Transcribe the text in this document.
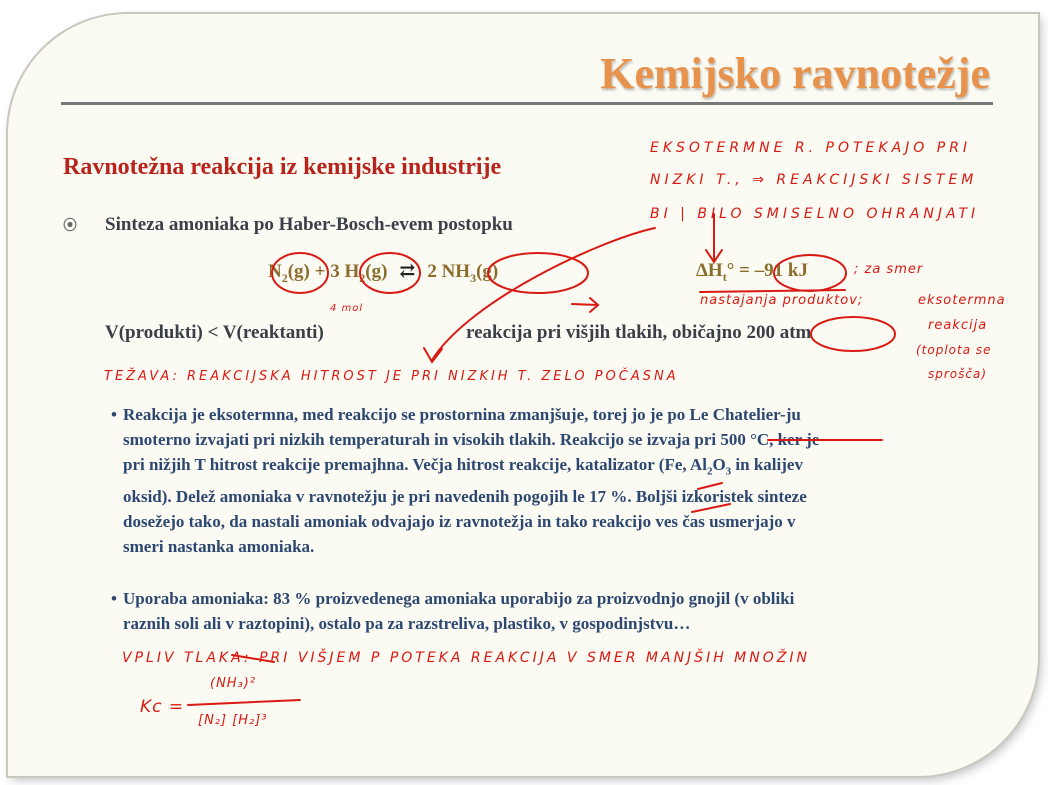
Kemijsko ravnotežje
Ravnotežna reakcija iz kemijske industrije
⦿ Sinteza amoniaka po Haber-Bosch-evem postopku
$N_2(g) + 3$ $H_2(g)$ ⇄ 2 $NH_3(g)$	$\Delta H_t^\circ = -91$ kJ
V(produkti) < V(reaktanti)	reakcija pri višjih tlakih, običajno 200 atm
• Reakcija je eksotermna, med reakcijo se prostornina zmanjšuje, torej jo je po Le Chatelier-ju
smoterno izvajati pri nizkih temperaturah in visokih tlakih. Reakcijo se izvaja pri 500 °C, ker je
pri nižjih T hitrost reakcije premajhna. Večja hitrost reakcije, katalizator (Fe, $Al_2O_3$ in kalijev
oksid). Delež amoniaka v ravnotežju je pri navedenih pogojih le 17 %. Boljši izkoristek sinteze
dosežejo tako, da nastali amoniak odvajajo iz ravnotežja in tako reakcijo ves čas usmerjajo v
smeri nastanka amoniaka.
• Uporaba amoniaka: 83 % proizvedenega amoniaka uporabijo za proizvodnjo gnojil (v obliki
raznih soli ali v raztopini), ostalo pa za razstreliva, plastiko, v gospodinjstvu…
EKSOTERMNE R. POTEKAJO PRI
NIZKI T., ⇒ REAKCIJSKI SISTEM
BI | BILO SMISELNO OHRANJATI
4 mol
; za smer
nastajanja produktov;	eksotermna
reakcija
(toplota se
sprošča)
TEŽAVA: REAKCIJSKA HITROST JE PRI NIZKIH T. ZELO POČASNA
VPLIV TLAKA: PRI VIŠJEM P POTEKA REAKCIJA V SMER MANJŠIH MNOŽIN
Kc =
(NH₃)²
[N₂] [H₂]³
